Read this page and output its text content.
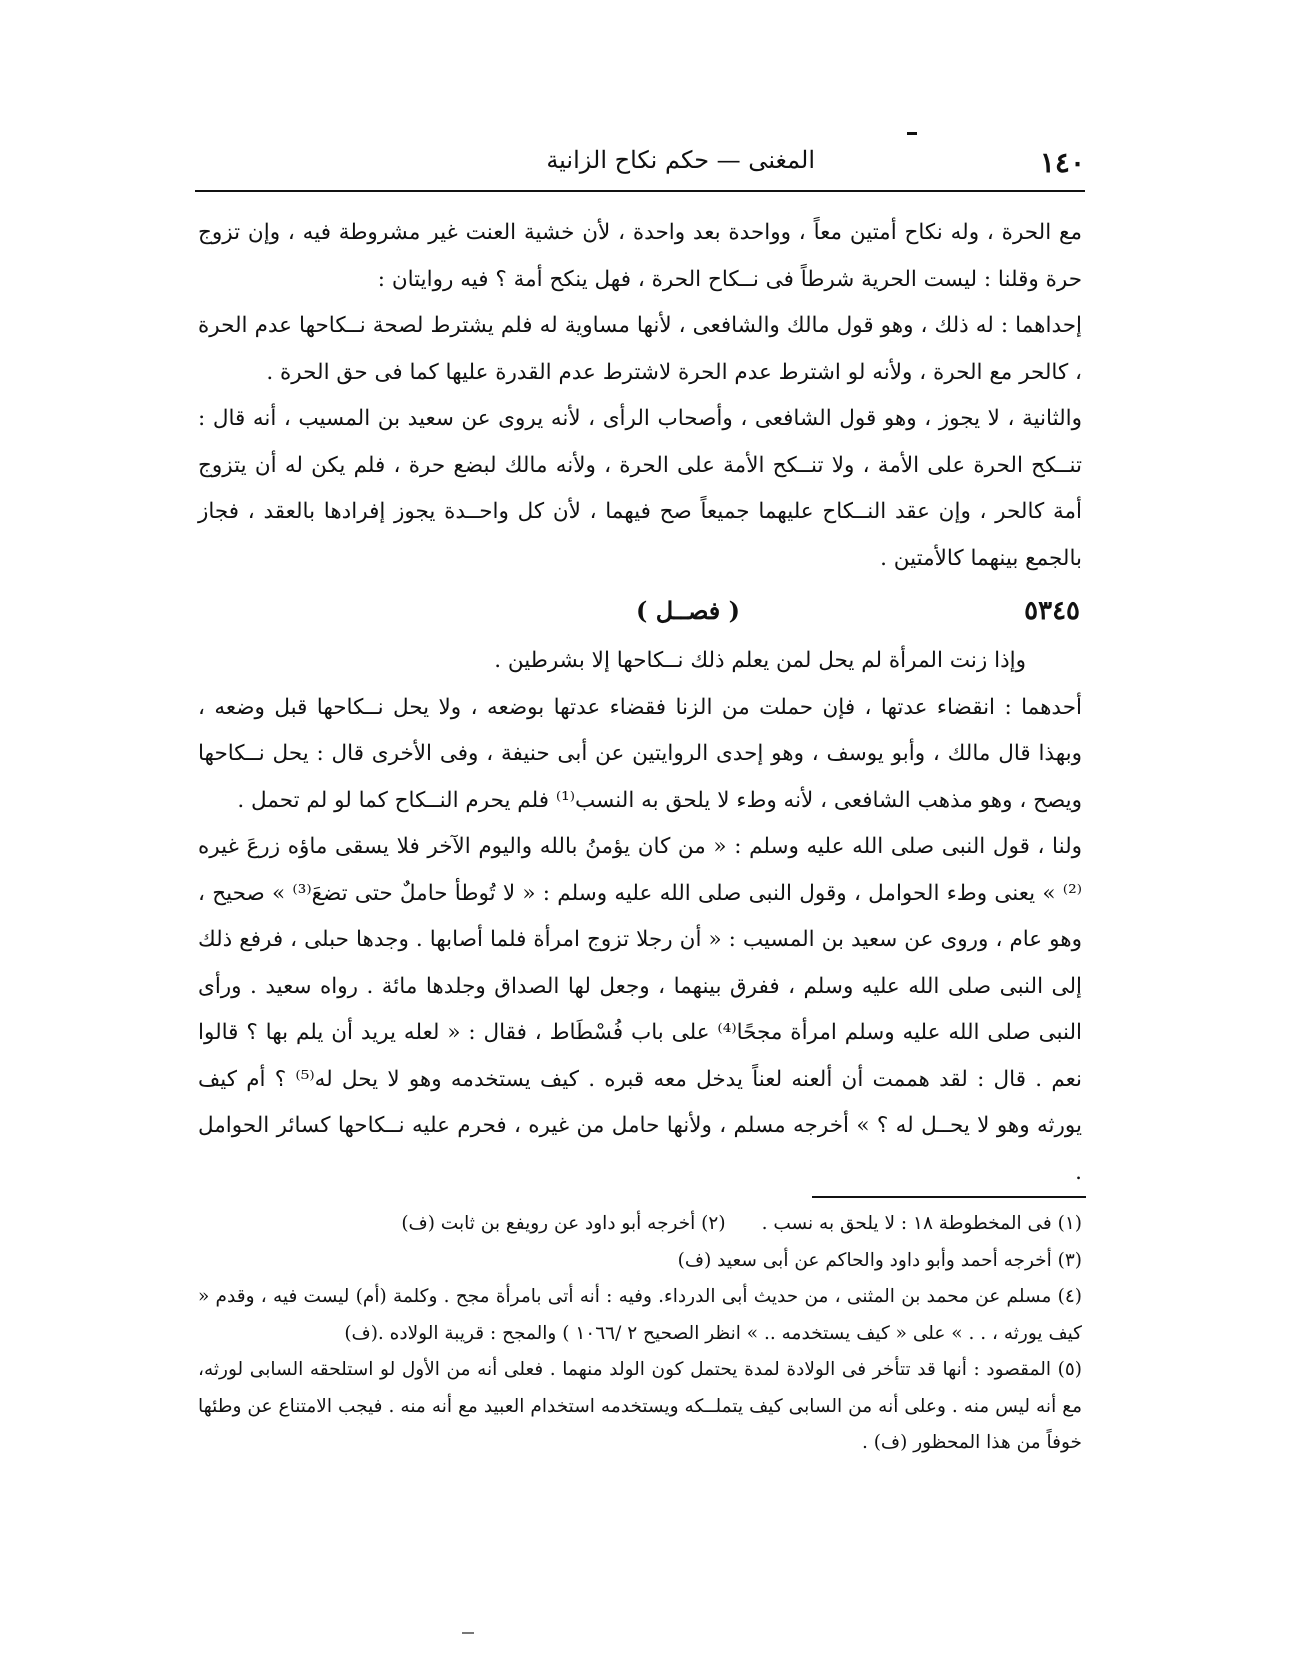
١٤٠
المغنى — حكم نكاح الزانية

مع الحرة ، وله نكاح أمتين معاً ، وواحدة بعد واحدة ، لأن خشية العنت غير مشروطة فيه ، وإن تزوج حرة وقلنا : ليست الحرية شرطاً فى نــكاح الحرة ، فهل ينكح أمة ؟ فيه روايتان :

إحداهما : له ذلك ، وهو قول مالك والشافعى ، لأنها مساوية له فلم يشترط لصحة نــكاحها عدم الحرة ، كالحر مع الحرة ، ولأنه لو اشترط عدم الحرة لاشترط عدم القدرة عليها كما فى حق الحرة .

والثانية ، لا يجوز ، وهو قول الشافعى ، وأصحاب الرأى ، لأنه يروى عن سعيد بن المسيب ، أنه قال : تنــكح الحرة على الأمة ، ولا تنــكح الأمة على الحرة ، ولأنه مالك لبضع حرة ، فلم يكن له أن يتزوج أمة كالحر ، وإن عقد النــكاح عليهما جميعاً صح فيهما ، لأن كل واحــدة يجوز إفرادها بالعقد ، فجاز بالجمع بينهما كالأمتين .

٥٣٤٥
( فصــل )

وإذا زنت المرأة لم يحل لمن يعلم ذلك نــكاحها إلا بشرطين .

أحدهما : انقضاء عدتها ، فإن حملت من الزنا فقضاء عدتها بوضعه ، ولا يحل نــكاحها قبل وضعه ، وبهذا قال مالك ، وأبو يوسف ، وهو إحدى الروايتين عن أبى حنيفة ، وفى الأخرى قال : يحل نــكاحها ويصح ، وهو مذهب الشافعى ، لأنه وطء لا يلحق به النسب⁽¹⁾ فلم يحرم النــكاح كما لو لم تحمل .

ولنا ، قول النبى صلى الله عليه وسلم : « من كان يؤمنُ بالله واليوم الآخر فلا يسقى ماؤه زرعَ غيره ⁽²⁾ » يعنى وطء الحوامل ، وقول النبى صلى الله عليه وسلم : « لا تُوطأ حاملٌ حتى تضعَ⁽³⁾ » صحيح ، وهو عام ، وروى عن سعيد بن المسيب : « أن رجلا تزوج امرأة فلما أصابها . وجدها حبلى ، فرفع ذلك إلى النبى صلى الله عليه وسلم ، ففرق بينهما ، وجعل لها الصداق وجلدها مائة . رواه سعيد . ورأى النبى صلى الله عليه وسلم امرأة مجحًا⁽⁴⁾ على باب فُسْطَاط ، فقال : « لعله يريد أن يلم بها ؟ قالوا نعم . قال : لقد هممت أن ألعنه لعناً يدخل معه قبره . كيف يستخدمه وهو لا يحل له⁽⁵⁾ ؟ أم كيف يورثه وهو لا يحــل له ؟ » أخرجه مسلم ، ولأنها حامل من غيره ، فحرم عليه نــكاحها كسائر الحوامل .

(١) فى المخطوطة ١٨ : لا يلحق به نسب .(٢) أخرجه أبو داود عن رويفع بن ثابت (ف)

(٣) أخرجه أحمد وأبو داود والحاكم عن أبى سعيد (ف)

(٤) مسلم عن محمد بن المثنى ، من حديث أبى الدرداء. وفيه : أنه أتى بامرأة مجح . وكلمة (أم) ليست فيه ، وقدم « كيف يورثه ، . . » على « كيف يستخدمه .. » انظر الصحيح ٢ /١٠٦٦ ) والمجح : قريبة الولاده .(ف)

(٥) المقصود : أنها قد تتأخر فى الولادة لمدة يحتمل كون الولد منهما . فعلى أنه من الأول لو استلحقه السابى لورثه، مع أنه ليس منه . وعلى أنه من السابى كيف يتملــكه ويستخدمه استخدام العبيد مع أنه منه . فيجب الامتناع عن وطئها خوفاً من هذا المحظور (ف) .
